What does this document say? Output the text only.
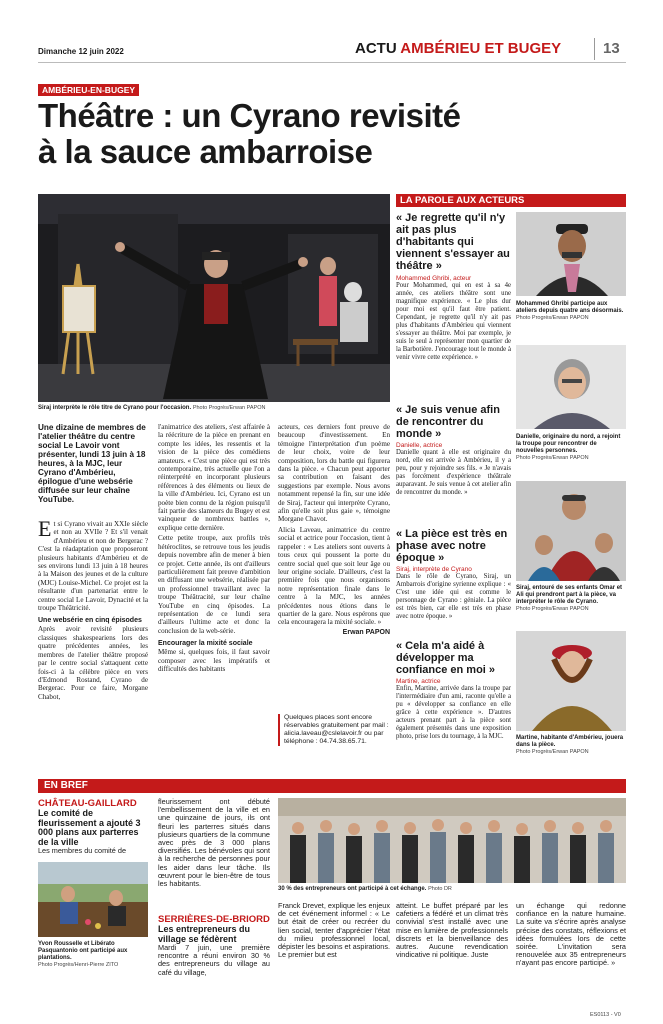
Dimanche 12 juin 2022	ACTU AMBÉRIEU ET BUGEY	13
AMBÉRIEU-EN-BUGEY
Théâtre : un Cyrano revisité
à la sauce ambarroise
Siraj interprète le rôle titre de Cyrano pour l'occasion. Photo Progrès/Erwan PAPON
Une dizaine de membres de l'atelier théâtre du centre social Le Lavoir vont présenter, lundi 13 juin à 18 heures, à la MJC, leur Cyrano d'Ambérieu, épilogue d'une websérie diffusée sur leur chaîne YouTube.
E t si Cyrano vivait au XXIe siècle et non au XVIIe ? Et s'il venait d'Ambérieu et non de Bergerac ? C'est la réadaptation que proposeront plusieurs habitants d'Ambérieu et de ses environs lundi 13 juin à 18 heures à la Maison des jeunes et de la culture (MJC) Louise-Michel. Ce projet est la résultante d'un partenariat entre le centre social Le Lavoir, Dynacité et la troupe Théâtricité.
Une websérie en cinq épisodes
Après avoir revisité plusieurs classiques shakespeariens lors des quatre précédentes années, les membres de l'atelier théâtre proposé par le centre social s'attaquent cette fois-ci à la célèbre pièce en vers d'Edmond Rostand, Cyrano de Bergerac. Pour ce faire, Morgane Chabot,
l'animatrice des ateliers, s'est affairée à la réécriture de la pièce en prenant en compte les idées, les ressentis et la vision de la pièce des comédiens amateurs. « C'est une pièce qui est très contemporaine, très actuelle que l'on a réinterprété en incorporant plusieurs références à des éléments ou lieux de la ville d'Ambérieu. Ici, Cyrano est un poète bien connu de la région puisqu'il fait partie des slameurs du Bugey et est vainqueur de nombreux battles », explique cette dernière.
Cette petite troupe, aux profils très hétéroclites, se retrouve tous les jeudis depuis novembre afin de mener à bien ce projet. Cette année, ils ont d'ailleurs particulièrement fait preuve d'ambition en diffusant une websérie, réalisée par un professionnel travaillant avec la troupe Théâtracité, sur leur chaîne YouTube en cinq épisodes. La représentation de ce lundi sera d'ailleurs l'ultime acte et donc la conclusion de la web-série.
Encourager la mixité sociale
Même si, quelques fois, il faut savoir composer avec les impératifs et difficultés des habitants
acteurs, ces derniers font preuve de beaucoup d'investissement. En témoigne l'interprétation d'un poème de leur choix, voire de leur composition, lors du battle qui figurera dans la pièce. « Chacun peut apporter sa contribution en faisant des suggestions par exemple. Nous avons notamment repensé la fin, sur une idée de Siraj, l'acteur qui interprète Cyrano, afin qu'elle soit plus gaie », témoigne Morgane Chavot.
Alicia Laveau, animatrice du centre social et actrice pour l'occasion, tient à rappeler : « Les ateliers sont ouverts à tous ceux qui poussent la porte du centre social quel que soit leur âge ou leur origine sociale. D'ailleurs, c'est la première fois que nous organisons notre représentation finale dans le centre à la MJC, les années précédentes nous étions dans le quartier de la gare. Nous espérons que cela encouragera la mixité sociale. »
Erwan PAPON
Quelques places sont encore réservables gratuitement par mail : alicia.laveau@cslelavoir.fr ou par téléphone : 04.74.38.65.71.
LA PAROLE AUX ACTEURS
« Je regrette qu'il n'y ait pas plus d'habitants qui viennent s'essayer au théâtre »
Mohammed Ghribi, acteur
Pour Mohammed, qui en est à sa 4e année, ces ateliers théâtre sont une magnifique expérience. « Le plus dur pour moi est qu'il faut être patient. Cependant, je regrette qu'il n'y ait pas plus d'habitants d'Ambérieu qui viennent s'essayer au théâtre. Moi par exemple, je suis le seul à représenter mon quartier de la Barbotière. J'encourage tout le monde à venir vivre cette expérience. »
« Je suis venue afin de rencontrer du monde »
Danielle, actrice
Danielle quant à elle est originaire du nord, elle est arrivée à Ambérieu, il y a peu, pour y rejoindre ses fils. « Je n'avais pas forcément d'expérience théâtrale auparavant. Je suis venue à cet atelier afin de rencontrer du monde. »
« La pièce est très en phase avec notre époque »
Siraj, interprète de Cyrano
Dans le rôle de Cyrano, Siraj, un Ambarrois d'origine syrienne explique : « C'est une idée qui est comme le personnage de Cyrano : géniale. La pièce est très bien, car elle est très en phase avec notre époque. »
« Cela m'a aidé à développer ma confiance en moi »
Martine, actrice
Enfin, Martine, arrivée dans la troupe par l'intermédiaire d'un ami, raconte qu'elle a pu « développer sa confiance en elle grâce à cette expérience ». D'autres acteurs prenant part à la pièce sont également présentés dans une exposition photo, prise lors du tournage, à la MJC.
Mohammed Ghribi participe aux ateliers depuis quatre ans désormais.
Photo Progrès/Erwan PAPON
Danielle, originaire du nord, a rejoint la troupe pour rencontrer de nouvelles personnes.
Photo Progrès/Erwan PAPON
Siraj, entouré de ses enfants Omar et Ali qui prendront part à la pièce, va interpréter le rôle de Cyrano.
Photo Progrès/Erwan PAPON
Martine, habitante d'Ambérieu, jouera dans la pièce.
Photo Progrès/Erwan PAPON
EN BREF
CHÂTEAU-GAILLARD
Le comité de fleurissement a ajouté 3 000 plans aux parterres de la ville
Les membres du comité de
Yvon Rousselle et Libérato Pasquantonio ont participé aux plantations.
Photo Progrès/Henri-Pierre ZITO
fleurissement ont débuté l'embellissement de la ville et en une quinzaine de jours, ils ont fleuri les parterres situés dans plusieurs quartiers de la commune avec près de 3 000 plans diversifiés. Les bénévoles qui sont à la recherche de personnes pour les aider dans leur tâche. Ils œuvrent pour le bien-être de tous les habitants.
SERRIÈRES-DE-BRIORD
Les entrepreneurs du village se fédèrent
Mardi 7 juin, une première rencontre a réuni environ 30 % des entrepreneurs du village au café du village,
30 % des entrepreneurs ont participé à cet échange. Photo DR
Franck Drevet, explique les enjeux de cet événement informel : « Le but était de créer ou recréer du lien social, tenter d'apprécier l'état du milieu professionnel local, dépister les besoins et aspirations. Le premier but est
atteint. Le buffet préparé par les cafetiers a fédéré et un climat très convivial s'est installé avec une mise en lumière de professionnels discrets et la bienveillance des autres. Aucune revendication vindicative ni politique. Juste
un échange qui redonne confiance en la nature humaine. La suite va s'écrire après analyse précise des constats, réflexions et idées formulées lors de cette soirée. L'invitation sera renouvelée aux 35 entrepreneurs n'ayant pas encore participé. »
ES0113 - V0
